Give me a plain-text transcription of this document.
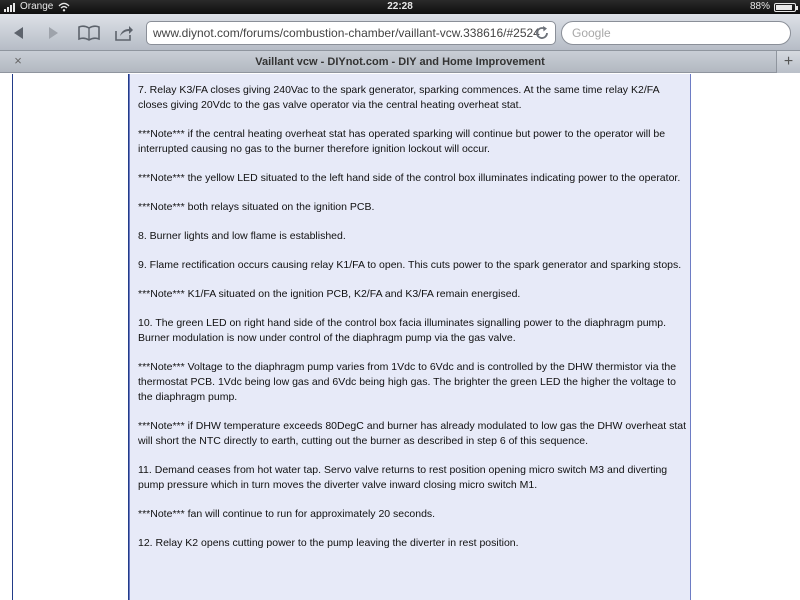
Orange	22:28	88%
www.diynot.com/forums/combustion-chamber/vaillant-vcw.338616/#2524	Google
×	Vaillant vcw - DIYnot.com - DIY and Home Improvement	+

7. Relay K3/FA closes giving 240Vac to the spark generator, sparking commences. At the same time relay K2/FA closes giving 20Vdc to the gas valve operator via the central heating overheat stat.

***Note*** if the central heating overheat stat has operated sparking will continue but power to the operator will be interrupted causing no gas to the burner therefore ignition lockout will occur.

***Note*** the yellow LED situated to the left hand side of the control box illuminates indicating power to the operator.

***Note*** both relays situated on the ignition PCB.

8. Burner lights and low flame is established.

9. Flame rectification occurs causing relay K1/FA to open. This cuts power to the spark generator and sparking stops.

***Note*** K1/FA situated on the ignition PCB, K2/FA and K3/FA remain energised.

10. The green LED on right hand side of the control box facia illuminates signalling power to the diaphragm pump. Burner modulation is now under control of the diaphragm pump via the gas valve.

***Note*** Voltage to the diaphragm pump varies from 1Vdc to 6Vdc and is controlled by the DHW thermistor via the thermostat PCB. 1Vdc being low gas and 6Vdc being high gas. The brighter the green LED the higher the voltage to the diaphragm pump.

***Note*** if DHW temperature exceeds 80DegC and burner has already modulated to low gas the DHW overheat stat will short the NTC directly to earth, cutting out the burner as described in step 6 of this sequence.

11. Demand ceases from hot water tap. Servo valve returns to rest position opening micro switch M3 and diverting pump pressure which in turn moves the diverter valve inward closing micro switch M1.

***Note*** fan will continue to run for approximately 20 seconds.

12. Relay K2 opens cutting power to the pump leaving the diverter in rest position.
